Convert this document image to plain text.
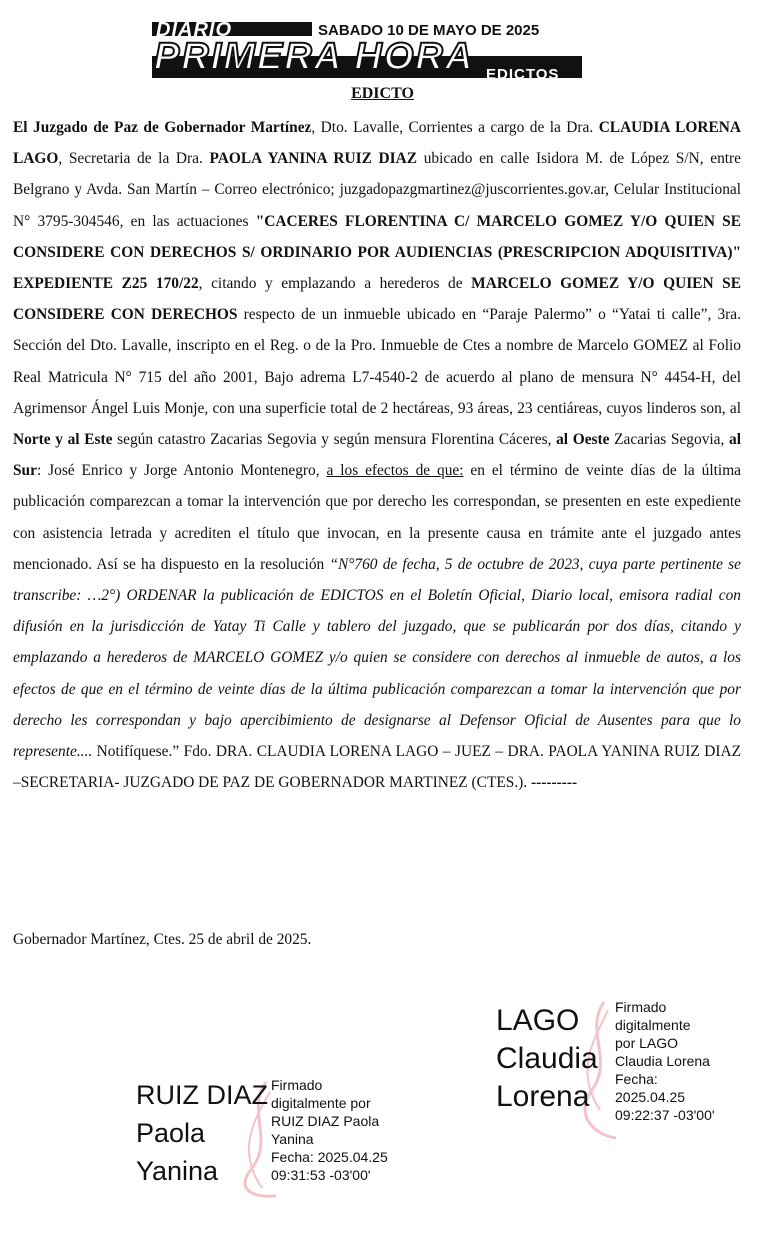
DIARIO
PRIMERA HORA
SABADO 10 DE MAYO DE 2025
EDICTOS
EDICTO

El Juzgado de Paz de Gobernador Martínez, Dto. Lavalle, Corrientes a cargo de la Dra. CLAUDIA LORENA LAGO, Secretaria de la Dra. PAOLA YANINA RUIZ DIAZ ubicado en calle Isidora M. de López S/N, entre Belgrano y Avda. San Martín – Correo electrónico; juzgadopazgmartinez@juscorrientes.gov.ar, Celular Institucional N° 3795-304546, en las actuaciones "CACERES FLORENTINA C/ MARCELO GOMEZ Y/O QUIEN SE CONSIDERE CON DERECHOS S/ ORDINARIO POR AUDIENCIAS (PRESCRIPCION ADQUISITIVA)" EXPEDIENTE Z25 170/22, citando y emplazando a herederos de MARCELO GOMEZ Y/O QUIEN SE CONSIDERE CON DERECHOS respecto de un inmueble ubicado en “Paraje Palermo” o “Yatai ti calle”, 3ra. Sección del Dto. Lavalle, inscripto en el Reg. o de la Pro. Inmueble de Ctes a nombre de Marcelo GOMEZ al Folio Real Matricula N° 715 del año 2001, Bajo adrema L7-4540-2 de acuerdo al plano de mensura N° 4454-H, del Agrimensor Ángel Luis Monje, con una superficie total de 2 hectáreas, 93 áreas, 23 centiáreas, cuyos linderos son, al Norte y al Este según catastro Zacarias Segovia y según mensura Florentina Cáceres, al Oeste Zacarias Segovia, al Sur: José Enrico y Jorge Antonio Montenegro, a los efectos de que: en el término de veinte días de la última publicación comparezcan a tomar la intervención que por derecho les correspondan, se presenten en este expediente con asistencia letrada y acrediten el título que invocan, en la presente causa en trámite ante el juzgado antes mencionado. Así se ha dispuesto en la resolución “N°760 de fecha, 5 de octubre de 2023, cuya parte pertinente se transcribe: …2°) ORDENAR la publicación de EDICTOS en el Boletín Oficial, Diario local, emisora radial con difusión en la jurisdicción de Yatay Ti Calle y tablero del juzgado, que se publicarán por dos días, citando y emplazando a herederos de MARCELO GOMEZ y/o quien se considere con derechos al inmueble de autos, a los efectos de que en el término de veinte días de la última publicación comparezcan a tomar la intervención que por derecho les correspondan y bajo apercibimiento de designarse al Defensor Oficial de Ausentes para que lo represente.... Notifíquese.” Fdo. DRA. CLAUDIA LORENA LAGO – JUEZ – DRA. PAOLA YANINA RUIZ DIAZ –SECRETARIA- JUZGADO DE PAZ DE GOBERNADOR MARTINEZ (CTES.). ---------

Gobernador Martínez, Ctes. 25 de abril de 2025.
LAGO
Claudia
Lorena
Firmado
digitalmente
por LAGO
Claudia Lorena
Fecha:
2025.04.25
09:22:37 -03'00'
RUIZ DIAZ
Paola
Yanina
Firmado
digitalmente por
RUIZ DIAZ Paola
Yanina
Fecha: 2025.04.25
09:31:53 -03'00'
